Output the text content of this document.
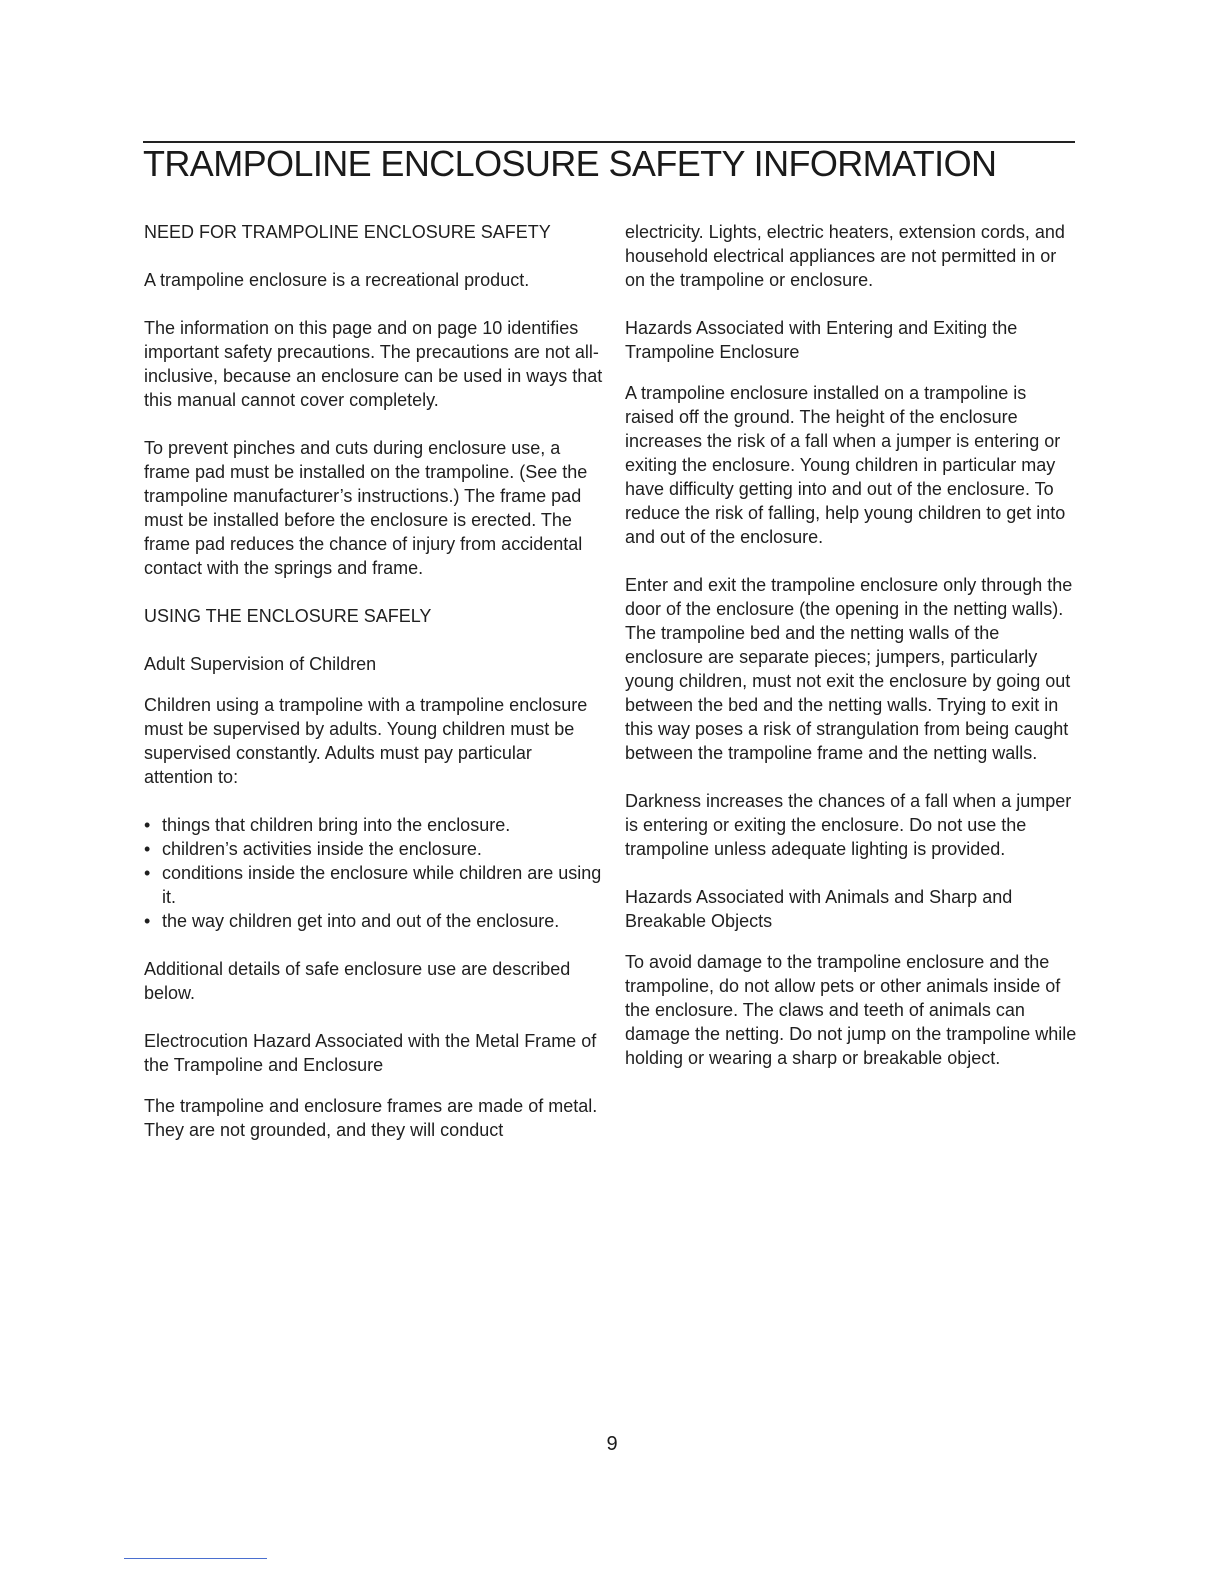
TRAMPOLINE ENCLOSURE SAFETY INFORMATION

NEED FOR TRAMPOLINE ENCLOSURE SAFETY

A trampoline enclosure is a recreational product.

The information on this page and on page 10 identifies important safety precautions. The precautions are not all-inclusive, because an enclosure can be used in ways that this manual cannot cover completely.

To prevent pinches and cuts during enclosure use, a frame pad must be installed on the trampoline. (See the trampoline manufacturer’s instructions.) The frame pad must be installed before the enclosure is erected. The frame pad reduces the chance of injury from accidental contact with the springs and frame.

USING THE ENCLOSURE SAFELY

Adult Supervision of Children

Children using a trampoline with a trampoline enclosure must be supervised by adults. Young children must be supervised constantly. Adults must pay particular attention to:

• things that children bring into the enclosure.
• children’s activities inside the enclosure.
• conditions inside the enclosure while children are using it.
• the way children get into and out of the enclosure.

Additional details of safe enclosure use are described below.

Electrocution Hazard Associated with the Metal Frame of the Trampoline and Enclosure

The trampoline and enclosure frames are made of metal. They are not grounded, and they will conduct

electricity. Lights, electric heaters, extension cords, and household electrical appliances are not permitted in or on the trampoline or enclosure.

Hazards Associated with Entering and Exiting the Trampoline Enclosure

A trampoline enclosure installed on a trampoline is raised off the ground. The height of the enclosure increases the risk of a fall when a jumper is entering or exiting the enclosure. Young children in particular may have difficulty getting into and out of the enclosure. To reduce the risk of falling, help young children to get into and out of the enclosure.

Enter and exit the trampoline enclosure only through the door of the enclosure (the opening in the netting walls). The trampoline bed and the netting walls of the enclosure are separate pieces; jumpers, particularly young children, must not exit the enclosure by going out between the bed and the netting walls. Trying to exit in this way poses a risk of strangulation from being caught between the trampoline frame and the netting walls.

Darkness increases the chances of a fall when a jumper is entering or exiting the enclosure. Do not use the trampoline unless adequate lighting is provided.

Hazards Associated with Animals and Sharp and Breakable Objects

To avoid damage to the trampoline enclosure and the trampoline, do not allow pets or other animals inside of the enclosure. The claws and teeth of animals can damage the netting. Do not jump on the trampoline while holding or wearing a sharp or breakable object.

9
